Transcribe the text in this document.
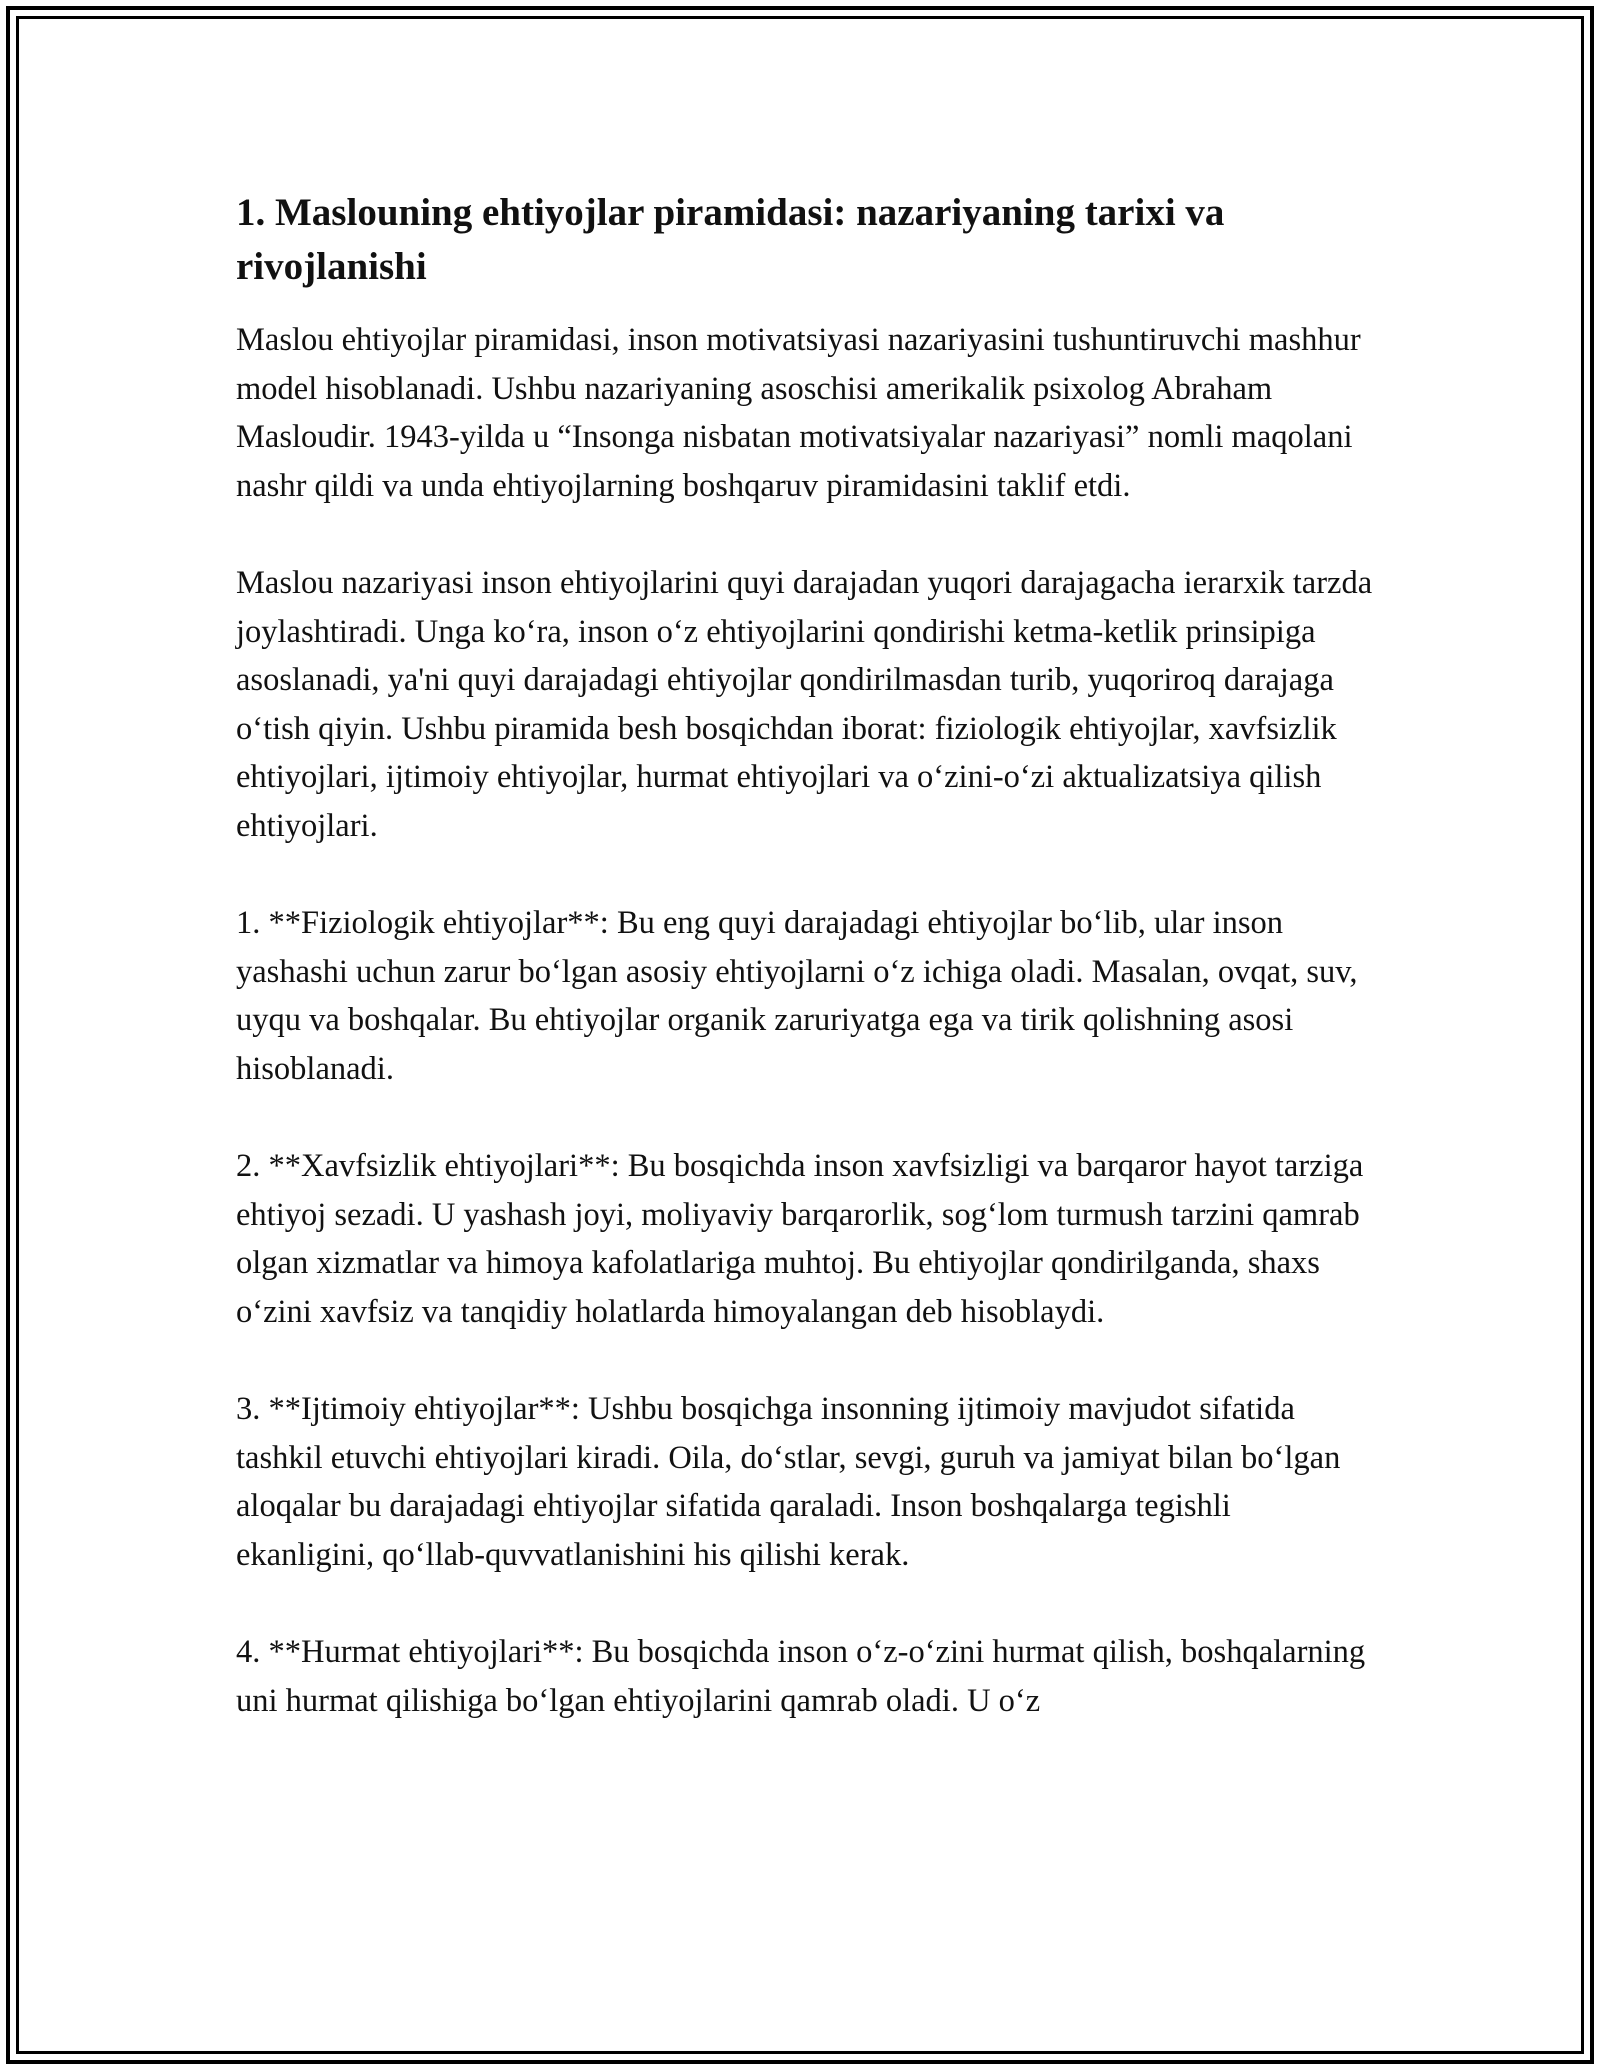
1. Maslouning ehtiyojlar piramidasi: nazariyaning tarixi va rivojlanishi

Maslou ehtiyojlar piramidasi, inson motivatsiyasi nazariyasini tushuntiruvchi mashhur model hisoblanadi. Ushbu nazariyaning asoschisi amerikalik psixolog Abraham Masloudir. 1943-yilda u “Insonga nisbatan motivatsiyalar nazariyasi” nomli maqolani nashr qildi va unda ehtiyojlarning boshqaruv piramidasini taklif etdi.

Maslou nazariyasi inson ehtiyojlarini quyi darajadan yuqori darajagacha ierarxik tarzda joylashtiradi. Unga ko‘ra, inson o‘z ehtiyojlarini qondirishi ketma-ketlik prinsipiga asoslanadi, ya'ni quyi darajadagi ehtiyojlar qondirilmasdan turib, yuqoriroq darajaga o‘tish qiyin. Ushbu piramida besh bosqichdan iborat: fiziologik ehtiyojlar, xavfsizlik ehtiyojlari, ijtimoiy ehtiyojlar, hurmat ehtiyojlari va o‘zini-o‘zi aktualizatsiya qilish ehtiyojlari.

1. **Fiziologik ehtiyojlar**: Bu eng quyi darajadagi ehtiyojlar bo‘lib, ular inson yashashi uchun zarur bo‘lgan asosiy ehtiyojlarni o‘z ichiga oladi. Masalan, ovqat, suv, uyqu va boshqalar. Bu ehtiyojlar organik zaruriyatga ega va tirik qolishning asosi hisoblanadi.

2. **Xavfsizlik ehtiyojlari**: Bu bosqichda inson xavfsizligi va barqaror hayot tarziga ehtiyoj sezadi. U yashash joyi, moliyaviy barqarorlik, sog‘lom turmush tarzini qamrab olgan xizmatlar va himoya kafolatlariga muhtoj. Bu ehtiyojlar qondirilganda, shaxs o‘zini xavfsiz va tanqidiy holatlarda himoyalangan deb hisoblaydi.

3. **Ijtimoiy ehtiyojlar**: Ushbu bosqichga insonning ijtimoiy mavjudot sifatida tashkil etuvchi ehtiyojlari kiradi. Oila, do‘stlar, sevgi, guruh va jamiyat bilan bo‘lgan aloqalar bu darajadagi ehtiyojlar sifatida qaraladi. Inson boshqalarga tegishli ekanligini, qo‘llab-quvvatlanishini his qilishi kerak.

4. **Hurmat ehtiyojlari**: Bu bosqichda inson o‘z-o‘zini hurmat qilish, boshqalarning uni hurmat qilishiga bo‘lgan ehtiyojlarini qamrab oladi. U o‘z
